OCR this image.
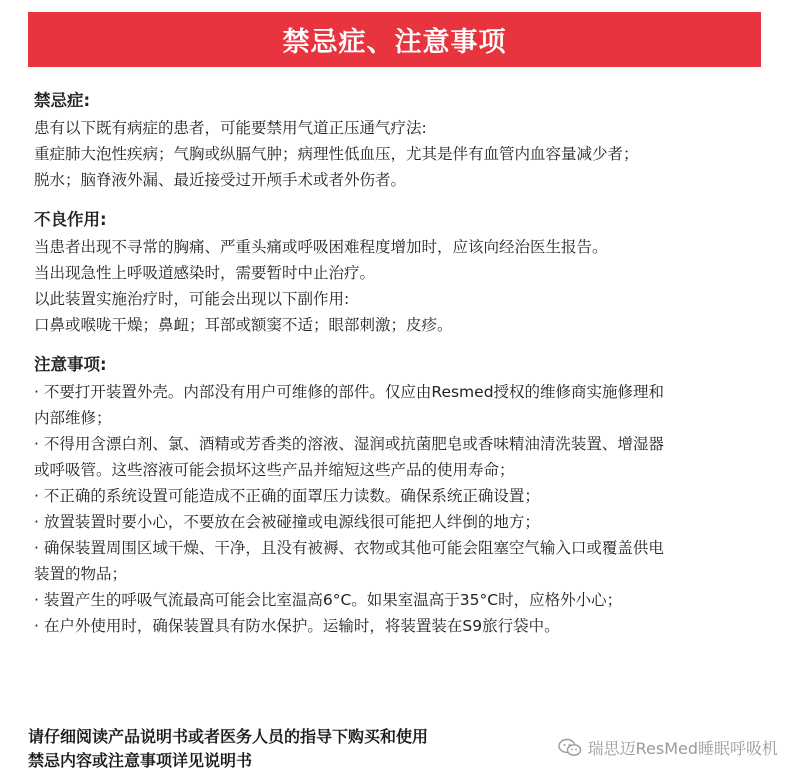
禁忌症、注意事项
禁忌症:
患有以下既有病症的患者，可能要禁用气道正压通气疗法:
重症肺大泡性疾病；气胸或纵膈气肿；病理性低血压，尤其是伴有血管内血容量减少者；
脱水；脑脊液外漏、最近接受过开颅手术或者外伤者。
不良作用:
当患者出现不寻常的胸痛、严重头痛或呼吸困难程度增加时，应该向经治医生报告。
当出现急性上呼吸道感染时，需要暂时中止治疗。
以此装置实施治疗时，可能会出现以下副作用:
口鼻或喉咙干燥；鼻衄；耳部或额窦不适；眼部刺激；皮疹。
注意事项:
· 不要打开装置外壳。内部没有用户可维修的部件。仅应由Resmed授权的维修商实施修理和
内部维修；
· 不得用含漂白剂、氯、酒精或芳香类的溶液、湿润或抗菌肥皂或香味精油清洗装置、增湿器
或呼吸管。这些溶液可能会损坏这些产品并缩短这些产品的使用寿命；
· 不正确的系统设置可能造成不正确的面罩压力读数。确保系统正确设置；
· 放置装置时要小心，不要放在会被碰撞或电源线很可能把人绊倒的地方；
· 确保装置周围区域干燥、干净，且没有被褥、衣物或其他可能会阻塞空气输入口或覆盖供电
装置的物品；
· 装置产生的呼吸气流最高可能会比室温高6°C。如果室温高于35°C时，应格外小心；
· 在户外使用时，确保装置具有防水保护。运输时，将装置装在S9旅行袋中。
请仔细阅读产品说明书或者医务人员的指导下购买和使用
禁忌内容或注意事项详见说明书
瑞思迈ResMed睡眠呼吸机
